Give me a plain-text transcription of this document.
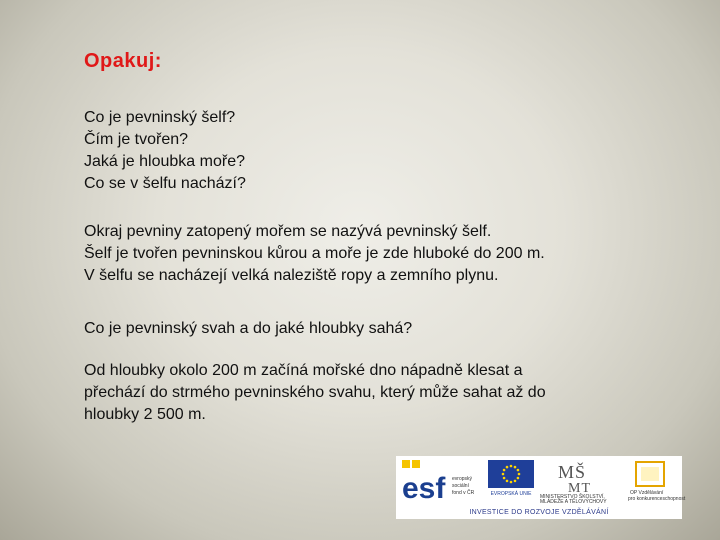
Opakuj:
Co je pevninský šelf?
Čím je tvořen?
Jaká je hloubka moře?
Co se v šelfu nachází?
Okraj pevniny zatopený mořem se nazývá pevninský šelf.
Šelf je tvořen pevninskou kůrou a moře je zde hluboké do 200 m.
V šelfu se nacházejí velká naleziště ropy a zemního plynu.
Co je pevninský svah a do jaké hloubky sahá?
Od hloubky okolo 200 m začíná mořské dno nápadně klesat a
přechází do strmého pevninského svahu, který může sahat až do
hloubky 2 500 m.
esf evropský
sociální
fond v ČR	EVROPSKÁ UNIE
MŠ
MT
MINISTERSTVO ŠKOLSTVÍ,
MLÁDEŽE A TĚLOVÝCHOVY
OP Vzdělávání
pro konkurenceschopnost
INVESTICE DO ROZVOJE VZDĚLÁVÁNÍ
